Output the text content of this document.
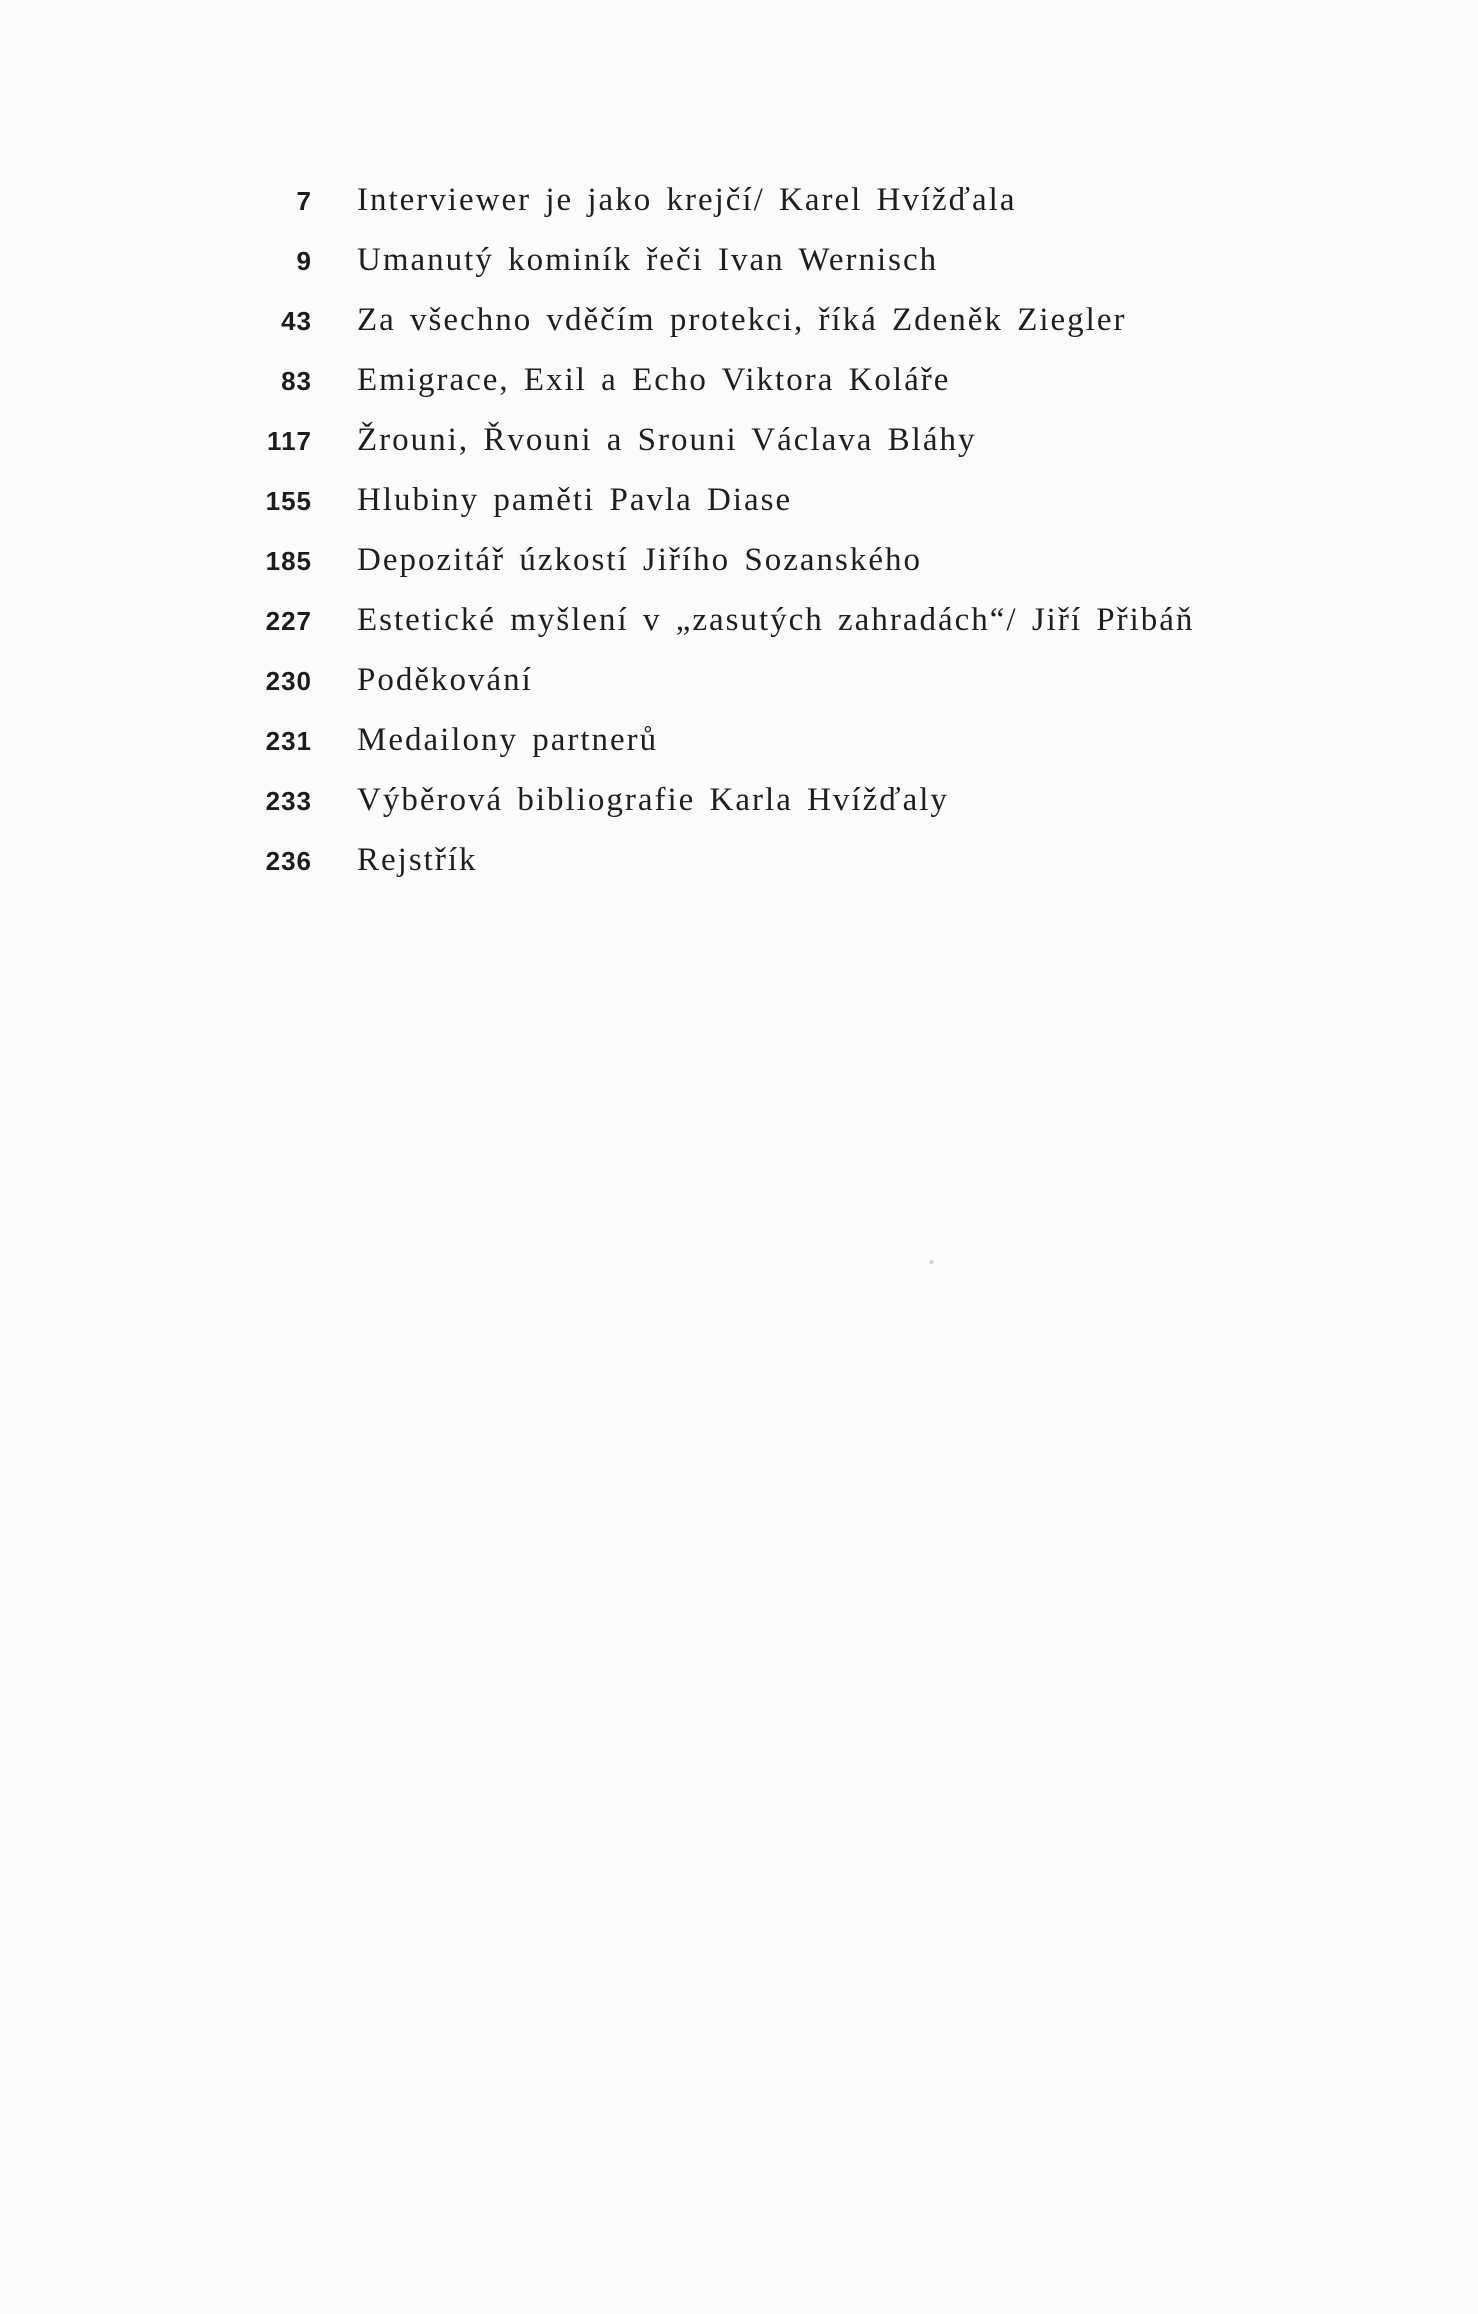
7 Interviewer je jako krejčí/ Karel Hvížďala
9 Umanutý kominík řeči Ivan Wernisch
43 Za všechno vděčím protekci, říká Zdeněk Ziegler
83 Emigrace, Exil a Echo Viktora Koláře
117 Žrouni, Řvouni a Srouni Václava Bláhy
155 Hlubiny paměti Pavla Diase
185 Depozitář úzkostí Jiřího Sozanského
227 Estetické myšlení v „zasutých zahradách“/ Jiří Přibáň
230 Poděkování
231 Medailony partnerů
233 Výběrová bibliografie Karla Hvížďaly
236 Rejstřík
